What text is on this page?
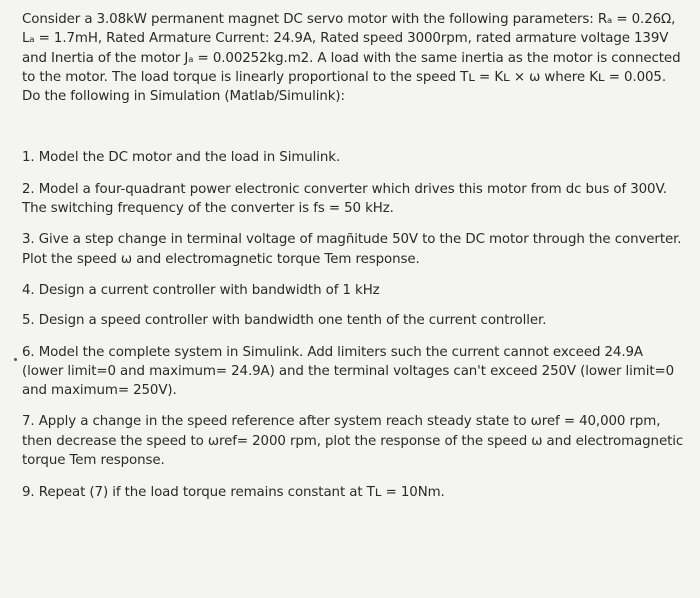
Consider a 3.08kW permanent magnet DC servo motor with the following parameters: Rₐ = 0.26Ω, Lₐ = 1.7mH, Rated Armature Current: 24.9A, Rated speed 3000rpm, rated armature voltage 139V and Inertia of the motor Jₐ = 0.00252kg.m2. A load with the same inertia as the motor is connected to the motor. The load torque is linearly proportional to the speed Tʟ = Kʟ × ω where Kʟ = 0.005. Do the following in Simulation (Matlab/Simulink):

1. Model the DC motor and the load in Simulink.

2. Model a four-quadrant power electronic converter which drives this motor from dc bus of 300V. The switching frequency of the converter is fs = 50 kHz.

3. Give a step change in terminal voltage of magñitude 50V to the DC motor through the converter. Plot the speed ω and electromagnetic torque Tem response.

4. Design a current controller with bandwidth of 1 kHz

5. Design a speed controller with bandwidth one tenth of the current controller.

6. Model the complete system in Simulink. Add limiters such the current cannot exceed 24.9A (lower limit=0 and maximum= 24.9A) and the terminal voltages can't exceed 250V (lower limit=0 and maximum= 250V).

7. Apply a change in the speed reference after system reach steady state to ωref = 40,000 rpm, then decrease the speed to ωref= 2000 rpm, plot the response of the speed ω and electromagnetic torque Tem response.

9. Repeat (7) if the load torque remains constant at Tʟ = 10Nm.
